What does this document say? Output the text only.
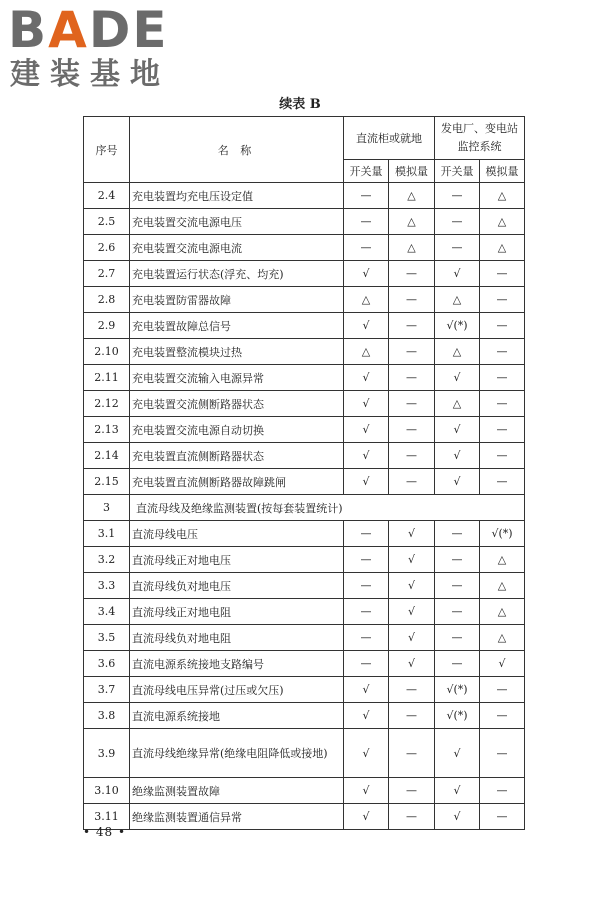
BADE
建装基地
续表 B
序号	名 称	直流柜或就地		发电厂、变电站监控系统	
		开关量	模拟量	开关量	模拟量
2.4	充电装置均充电压设定值	—	△	—	△
2.5	充电装置交流电源电压	—	△	—	△
2.6	充电装置交流电源电流	—	△	—	△
2.7	充电装置运行状态(浮充、均充)	√	—	√	—
2.8	充电装置防雷器故障	△	—	△	—
2.9	充电装置故障总信号	√	—	√(*)	—
2.10	充电装置整流模块过热	△	—	△	—
2.11	充电装置交流输入电源异常	√	—	√	—
2.12	充电装置交流侧断路器状态	√	—	△	—
2.13	充电装置交流电源自动切换	√	—	√	—
2.14	充电装置直流侧断路器状态	√	—	√	—
2.15	充电装置直流侧断路器故障跳闸	√	—	√	—
3	直流母线及绝缘监测装置(按每套装置统计)				
3.1	直流母线电压	—	√	—	√(*)
3.2	直流母线正对地电压	—	√	—	△
3.3	直流母线负对地电压	—	√	—	△
3.4	直流母线正对地电阻	—	√	—	△
3.5	直流母线负对地电阻	—	√	—	△
3.6	直流电源系统接地支路编号	—	√	—	√
3.7	直流母线电压异常(过压或欠压)	√	—	√(*)	—
3.8	直流电源系统接地	√	—	√(*)	—
3.9	直流母线绝缘异常(绝缘电阻降低或接地)	√	—	√	—
3.10	绝缘监测装置故障	√	—	√	—
3.11	绝缘监测装置通信异常	√	—	√	—
• 48 •
